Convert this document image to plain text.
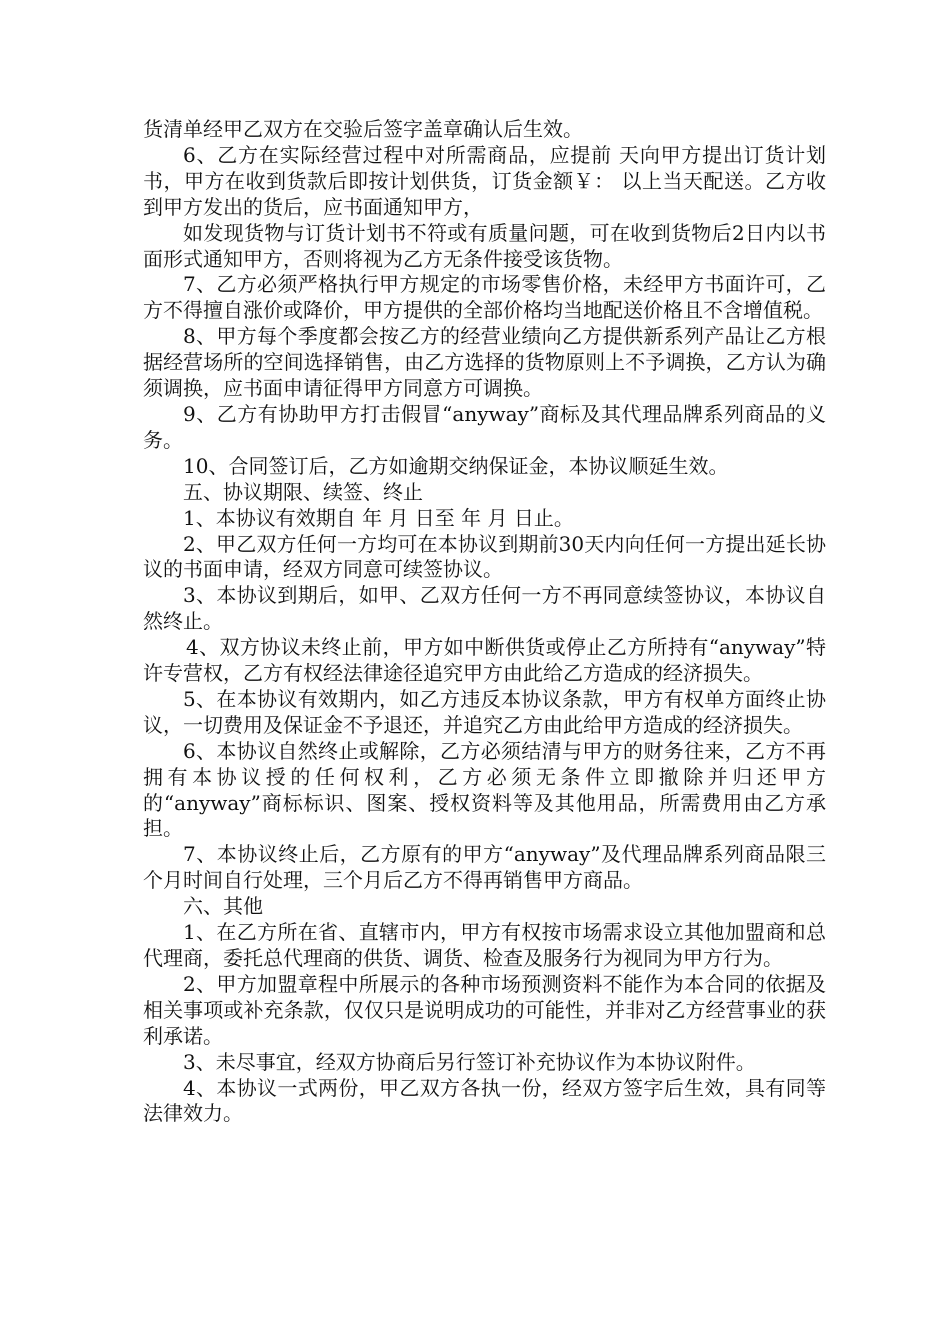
货清单经甲乙双方在交验后签字盖章确认后生效。

6、乙方在实际经营过程中对所需商品，应提前 天向甲方提出订货计划书，甲方在收到货款后即按计划供货，订货金额￥： 以上当天配送。乙方收到甲方发出的货后，应书面通知甲方，

如发现货物与订货计划书不符或有质量问题，可在收到货物后2日内以书面形式通知甲方，否则将视为乙方无条件接受该货物。

7、乙方必须严格执行甲方规定的市场零售价格，未经甲方书面许可，乙方不得擅自涨价或降价，甲方提供的全部价格均当地配送价格且不含增值税。

8、甲方每个季度都会按乙方的经营业绩向乙方提供新系列产品让乙方根据经营场所的空间选择销售，由乙方选择的货物原则上不予调换，乙方认为确须调换，应书面申请征得甲方同意方可调换。

9、乙方有协助甲方打击假冒“anyway”商标及其代理品牌系列商品的义务。

10、合同签订后，乙方如逾期交纳保证金，本协议顺延生效。

五、协议期限、续签、终止

1、本协议有效期自 年 月 日至 年 月 日止。

2、甲乙双方任何一方均可在本协议到期前30天内向任何一方提出延长协议的书面申请，经双方同意可续签协议。

3、本协议到期后，如甲、乙双方任何一方不再同意续签协议，本协议自然终止。

4、双方协议未终止前，甲方如中断供货或停止乙方所持有“anyway”特许专营权，乙方有权经法律途径追究甲方由此给乙方造成的经济损失。

5、在本协议有效期内，如乙方违反本协议条款，甲方有权单方面终止协议，一切费用及保证金不予退还，并追究乙方由此给甲方造成的经济损失。

6、本协议自然终止或解除，乙方必须结清与甲方的财务往来，乙方不再拥有本协议授的任何权利，乙方必须无条件立即撤除并归还甲方的“anyway”商标标识、图案、授权资料等及其他用品，所需费用由乙方承担。

7、本协议终止后，乙方原有的甲方“anyway”及代理品牌系列商品限三个月时间自行处理，三个月后乙方不得再销售甲方商品。

六、其他

1、在乙方所在省、直辖市内，甲方有权按市场需求设立其他加盟商和总代理商，委托总代理商的供货、调货、检查及服务行为视同为甲方行为。

2、甲方加盟章程中所展示的各种市场预测资料不能作为本合同的依据及相关事项或补充条款，仅仅只是说明成功的可能性，并非对乙方经营事业的获利承诺。

3、未尽事宜，经双方协商后另行签订补充协议作为本协议附件。

4、本协议一式两份，甲乙双方各执一份，经双方签字后生效，具有同等法律效力。
